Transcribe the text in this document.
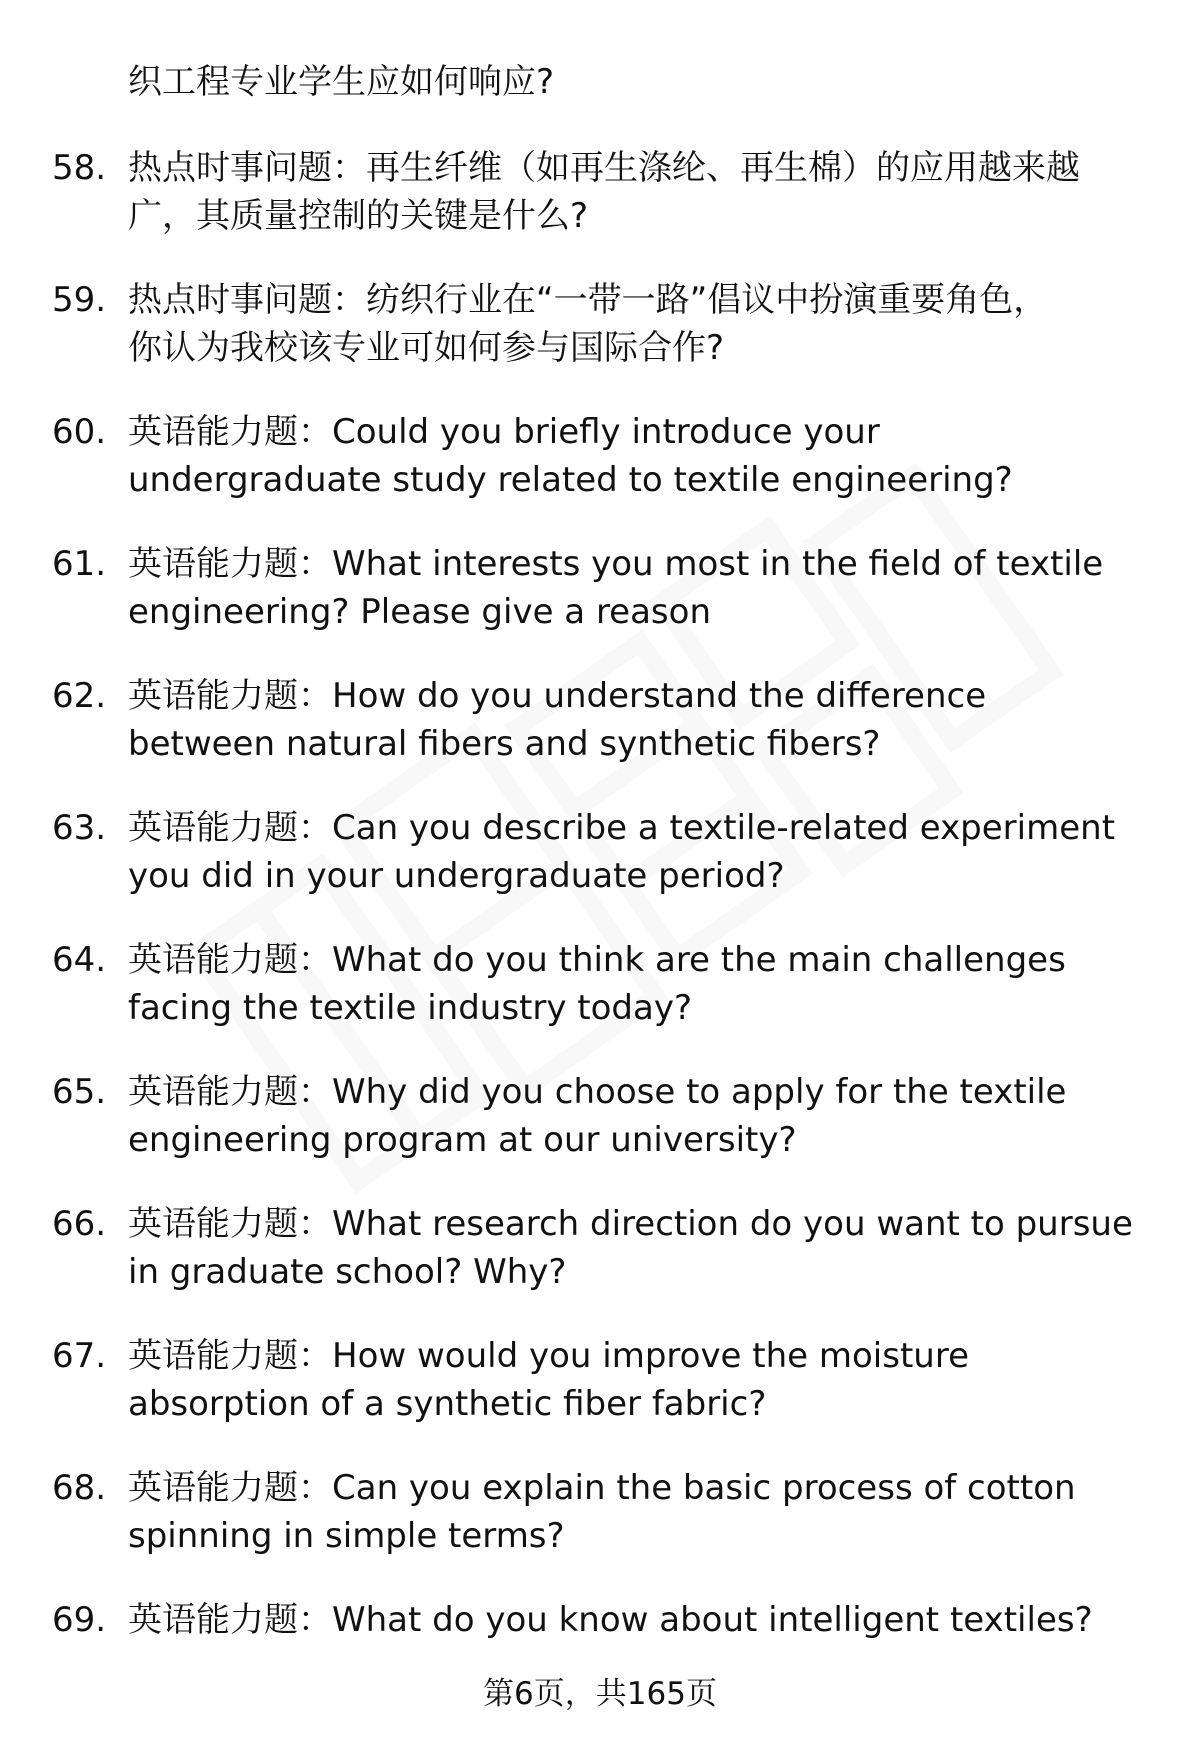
织工程专业学生应如何响应?
58. 热点时事问题：再生纤维（如再生涤纶、再生棉）的应用越来越
广，其质量控制的关键是什么?
59. 热点时事问题：纺织行业在“一带一路”倡议中扮演重要角色，
你认为我校该专业可如何参与国际合作?
60. 英语能力题：Could you briefly introduce your
undergraduate study related to textile engineering?
61. 英语能力题：What interests you most in the field of textile
engineering? Please give a reason
62. 英语能力题：How do you understand the difference
between natural fibers and synthetic fibers?
63. 英语能力题：Can you describe a textile-related experiment
you did in your undergraduate period?
64. 英语能力题：What do you think are the main challenges
facing the textile industry today?
65. 英语能力题：Why did you choose to apply for the textile
engineering program at our university?
66. 英语能力题：What research direction do you want to pursue
in graduate school? Why?
67. 英语能力题：How would you improve the moisture
absorption of a synthetic fiber fabric?
68. 英语能力题：Can you explain the basic process of cotton
spinning in simple terms?
69. 英语能力题：What do you know about intelligent textiles?
第6页，共165页
